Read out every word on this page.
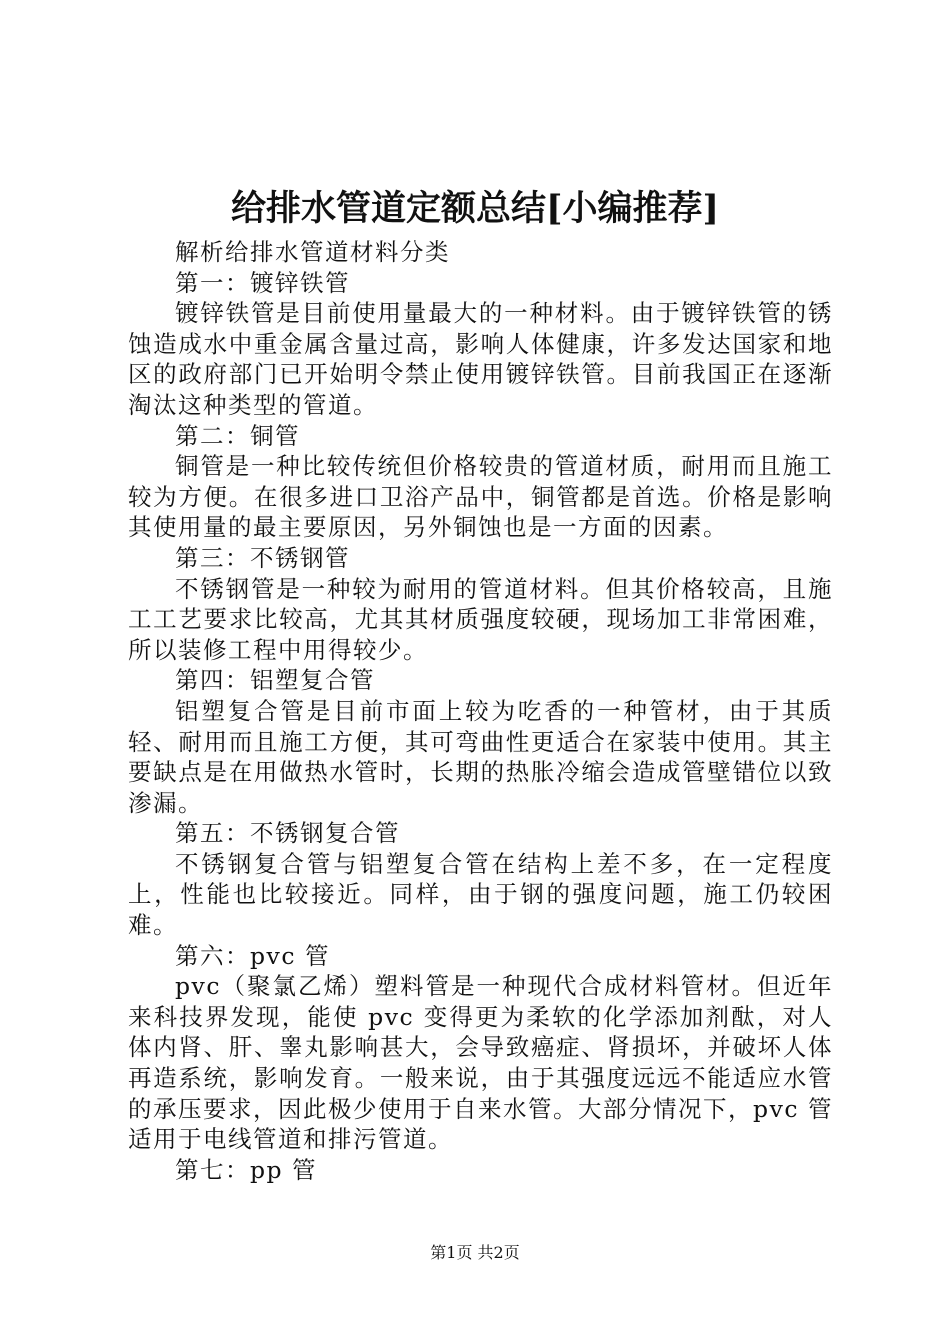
给排水管道定额总结[小编推荐]

解析给排水管道材料分类

第一：镀锌铁管

镀锌铁管是目前使用量最大的一种材料。由于镀锌铁管的锈蚀造成水中重金属含量过高，影响人体健康，许多发达国家和地区的政府部门已开始明令禁止使用镀锌铁管。目前我国正在逐渐淘汰这种类型的管道。

第二：铜管

铜管是一种比较传统但价格较贵的管道材质，耐用而且施工较为方便。在很多进口卫浴产品中，铜管都是首选。价格是影响其使用量的最主要原因，另外铜蚀也是一方面的因素。

第三：不锈钢管

不锈钢管是一种较为耐用的管道材料。但其价格较高，且施工工艺要求比较高，尤其其材质强度较硬，现场加工非常困难，所以装修工程中用得较少。

第四：铝塑复合管

铝塑复合管是目前市面上较为吃香的一种管材，由于其质轻、耐用而且施工方便，其可弯曲性更适合在家装中使用。其主要缺点是在用做热水管时，长期的热胀冷缩会造成管壁错位以致渗漏。

第五：不锈钢复合管

不锈钢复合管与铝塑复合管在结构上差不多，在一定程度上，性能也比较接近。同样，由于钢的强度问题，施工仍较困难。

第六：pvc 管

pvc（聚氯乙烯）塑料管是一种现代合成材料管材。但近年来科技界发现，能使 pvc 变得更为柔软的化学添加剂酞，对人体内肾、肝、睾丸影响甚大，会导致癌症、肾损坏，并破坏人体再造系统，影响发育。一般来说，由于其强度远远不能适应水管的承压要求，因此极少使用于自来水管。大部分情况下，pvc 管适用于电线管道和排污管道。

第七：pp 管

第1页 共2页
